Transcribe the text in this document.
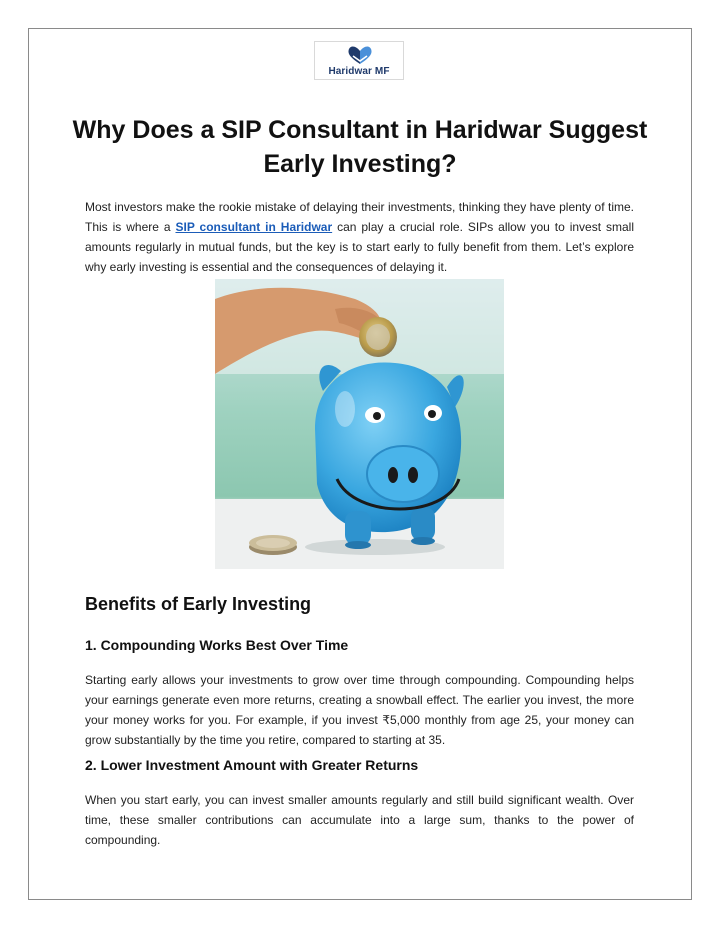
Haridwar MF
Why Does a SIP Consultant in Haridwar Suggest Early Investing?

Most investors make the rookie mistake of delaying their investments, thinking they have plenty of time. This is where a SIP consultant in Haridwar can play a crucial role. SIPs allow you to invest small amounts regularly in mutual funds, but the key is to start early to fully benefit from them. Let’s explore why early investing is essential and the consequences of delaying it.

Benefits of Early Investing
1. Compounding Works Best Over Time

Starting early allows your investments to grow over time through compounding. Compounding helps your earnings generate even more returns, creating a snowball effect. The earlier you invest, the more your money works for you. For example, if you invest ₹5,000 monthly from age 25, your money can grow substantially by the time you retire, compared to starting at 35.

2. Lower Investment Amount with Greater Returns

When you start early, you can invest smaller amounts regularly and still build significant wealth. Over time, these smaller contributions can accumulate into a large sum, thanks to the power of compounding.
